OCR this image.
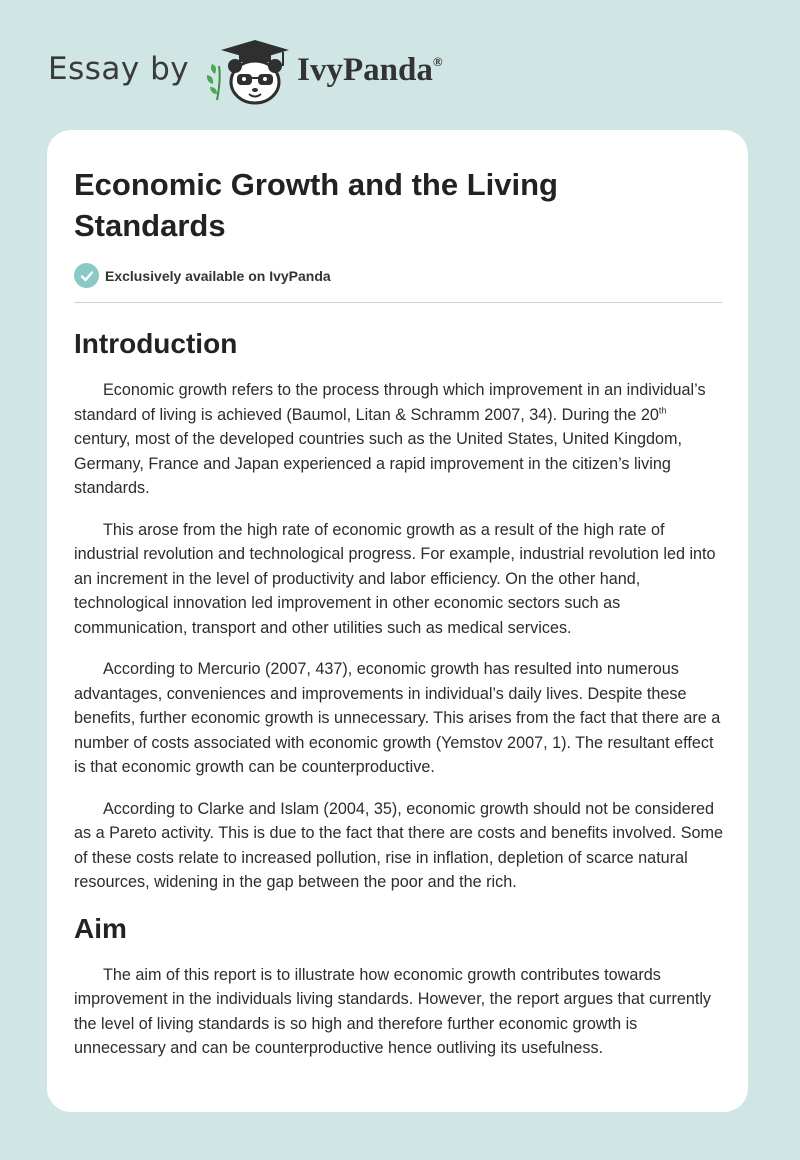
Essay by	IvyPanda®
Economic Growth and the Living Standards
Exclusively available on IvyPanda
Introduction

Economic growth refers to the process through which improvement in an individual’s standard of living is achieved (Baumol, Litan & Schramm 2007, 34). During the 20th century, most of the developed countries such as the United States, United Kingdom, Germany, France and Japan experienced a rapid improvement in the citizen’s living standards.

This arose from the high rate of economic growth as a result of the high rate of industrial revolution and technological progress. For example, industrial revolution led into an increment in the level of productivity and labor efficiency. On the other hand, technological innovation led improvement in other economic sectors such as communication, transport and other utilities such as medical services.

According to Mercurio (2007, 437), economic growth has resulted into numerous advantages, conveniences and improvements in individual’s daily lives. Despite these benefits, further economic growth is unnecessary. This arises from the fact that there are a number of costs associated with economic growth (Yemstov 2007, 1). The resultant effect is that economic growth can be counterproductive.

According to Clarke and Islam (2004, 35), economic growth should not be considered as a Pareto activity. This is due to the fact that there are costs and benefits involved. Some of these costs relate to increased pollution, rise in inflation, depletion of scarce natural resources, widening in the gap between the poor and the rich.

Aim

The aim of this report is to illustrate how economic growth contributes towards improvement in the individuals living standards. However, the report argues that currently the level of living standards is so high and therefore further economic growth is unnecessary and can be counterproductive hence outliving its usefulness.
